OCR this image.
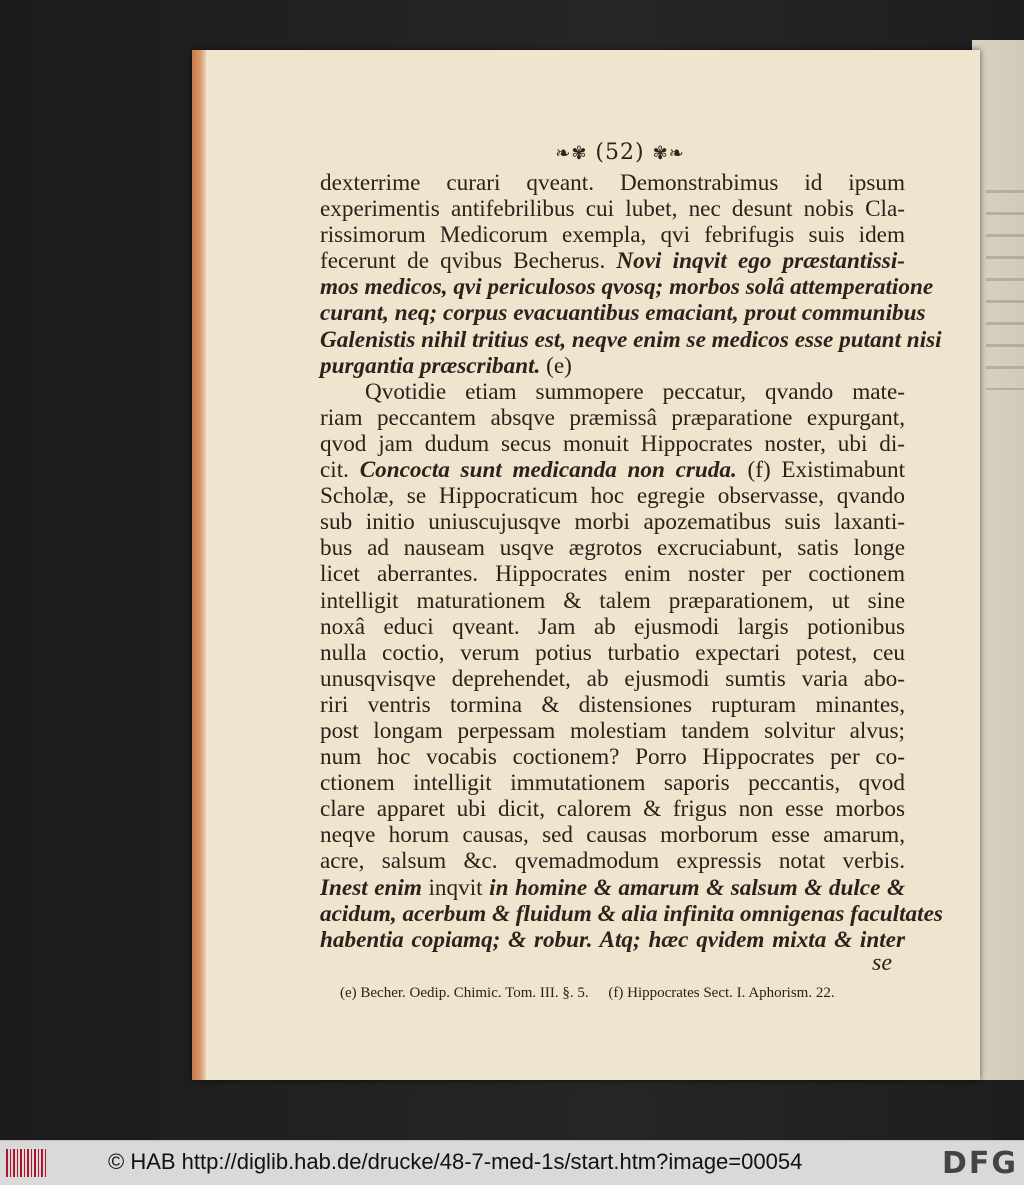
❧✾ (52) ✾❧
dexterrime curari qveant. Demonstrabimus id ipsum
experimentis antifebrilibus cui lubet, nec desunt nobis Cla-
rissimorum Medicorum exempla, qvi febrifugis suis idem
fecerunt de qvibus Becherus. Novi inqvit ego præstantissi-
mos medicos, qvi periculosos qvosq; morbos solâ attemperatione
curant, neq; corpus evacuantibus emaciant, prout communibus
Galenistis nihil tritius est, neqve enim se medicos esse putant nisi
purgantia præscribant. (e)
Qvotidie etiam summopere peccatur, qvando mate-
riam peccantem absqve præmissâ præparatione expurgant,
qvod jam dudum secus monuit Hippocrates noster, ubi di-
cit. Concocta sunt medicanda non cruda. (f) Existimabunt
Scholæ, se Hippocraticum hoc egregie observasse, qvando
sub initio uniuscujusqve morbi apozematibus suis laxanti-
bus ad nauseam usqve ægrotos excruciabunt, satis longe
licet aberrantes. Hippocrates enim noster per coctionem
intelligit maturationem & talem præparationem, ut sine
noxâ educi qveant. Jam ab ejusmodi largis potionibus
nulla coctio, verum potius turbatio expectari potest, ceu
unusqvisqve deprehendet, ab ejusmodi sumtis varia abo-
riri ventris tormina & distensiones rupturam minantes,
post longam perpessam molestiam tandem solvitur alvus;
num hoc vocabis coctionem? Porro Hippocrates per co-
ctionem intelligit immutationem saporis peccantis, qvod
clare apparet ubi dicit, calorem & frigus non esse morbos
neqve horum causas, sed causas morborum esse amarum,
acre, salsum &c. qvemadmodum expressis notat verbis.
Inest enim inqvit in homine & amarum & salsum & dulce &
acidum, acerbum & fluidum & alia infinita omnigenas facultates
habentia copiamq; & robur. Atq; hæc qvidem mixta & inter
se
(e) Becher. Oedip. Chimic. Tom. III. §. 5. (f) Hippocrates Sect. I. Aphorism. 22.
© HAB http://diglib.hab.de/drucke/48-7-med-1s/start.htm?image=00054	DFG
